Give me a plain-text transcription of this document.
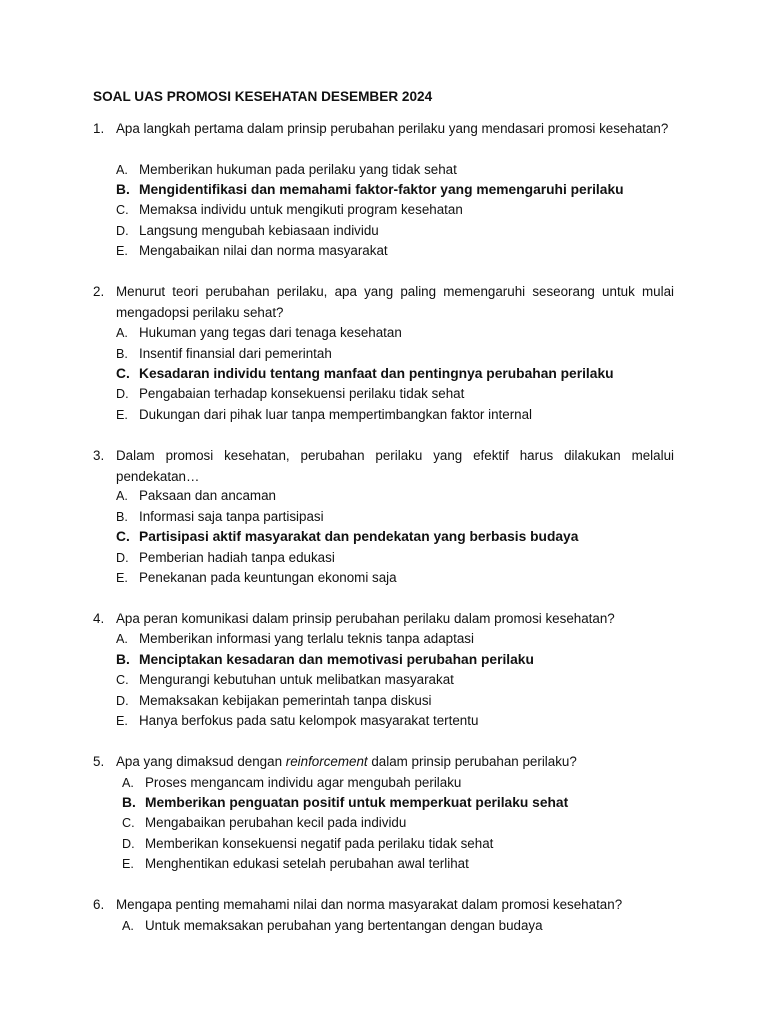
SOAL UAS PROMOSI KESEHATAN DESEMBER 2024
1. Apa langkah pertama dalam prinsip perubahan perilaku yang mendasari promosi kesehatan?
A. Memberikan hukuman pada perilaku yang tidak sehat
B. Mengidentifikasi dan memahami faktor-faktor yang memengaruhi perilaku
C. Memaksa individu untuk mengikuti program kesehatan
D. Langsung mengubah kebiasaan individu
E. Mengabaikan nilai dan norma masyarakat
2. Menurut teori perubahan perilaku, apa yang paling memengaruhi seseorang untuk mulai mengadopsi perilaku sehat?
A. Hukuman yang tegas dari tenaga kesehatan
B. Insentif finansial dari pemerintah
C. Kesadaran individu tentang manfaat dan pentingnya perubahan perilaku
D. Pengabaian terhadap konsekuensi perilaku tidak sehat
E. Dukungan dari pihak luar tanpa mempertimbangkan faktor internal
3. Dalam promosi kesehatan, perubahan perilaku yang efektif harus dilakukan melalui pendekatan…
A. Paksaan dan ancaman
B. Informasi saja tanpa partisipasi
C. Partisipasi aktif masyarakat dan pendekatan yang berbasis budaya
D. Pemberian hadiah tanpa edukasi
E. Penekanan pada keuntungan ekonomi saja
4. Apa peran komunikasi dalam prinsip perubahan perilaku dalam promosi kesehatan?
A. Memberikan informasi yang terlalu teknis tanpa adaptasi
B. Menciptakan kesadaran dan memotivasi perubahan perilaku
C. Mengurangi kebutuhan untuk melibatkan masyarakat
D. Memaksakan kebijakan pemerintah tanpa diskusi
E. Hanya berfokus pada satu kelompok masyarakat tertentu
5. Apa yang dimaksud dengan reinforcement dalam prinsip perubahan perilaku?
A. Proses mengancam individu agar mengubah perilaku
B. Memberikan penguatan positif untuk memperkuat perilaku sehat
C. Mengabaikan perubahan kecil pada individu
D. Memberikan konsekuensi negatif pada perilaku tidak sehat
E. Menghentikan edukasi setelah perubahan awal terlihat
6. Mengapa penting memahami nilai dan norma masyarakat dalam promosi kesehatan?
A. Untuk memaksakan perubahan yang bertentangan dengan budaya
